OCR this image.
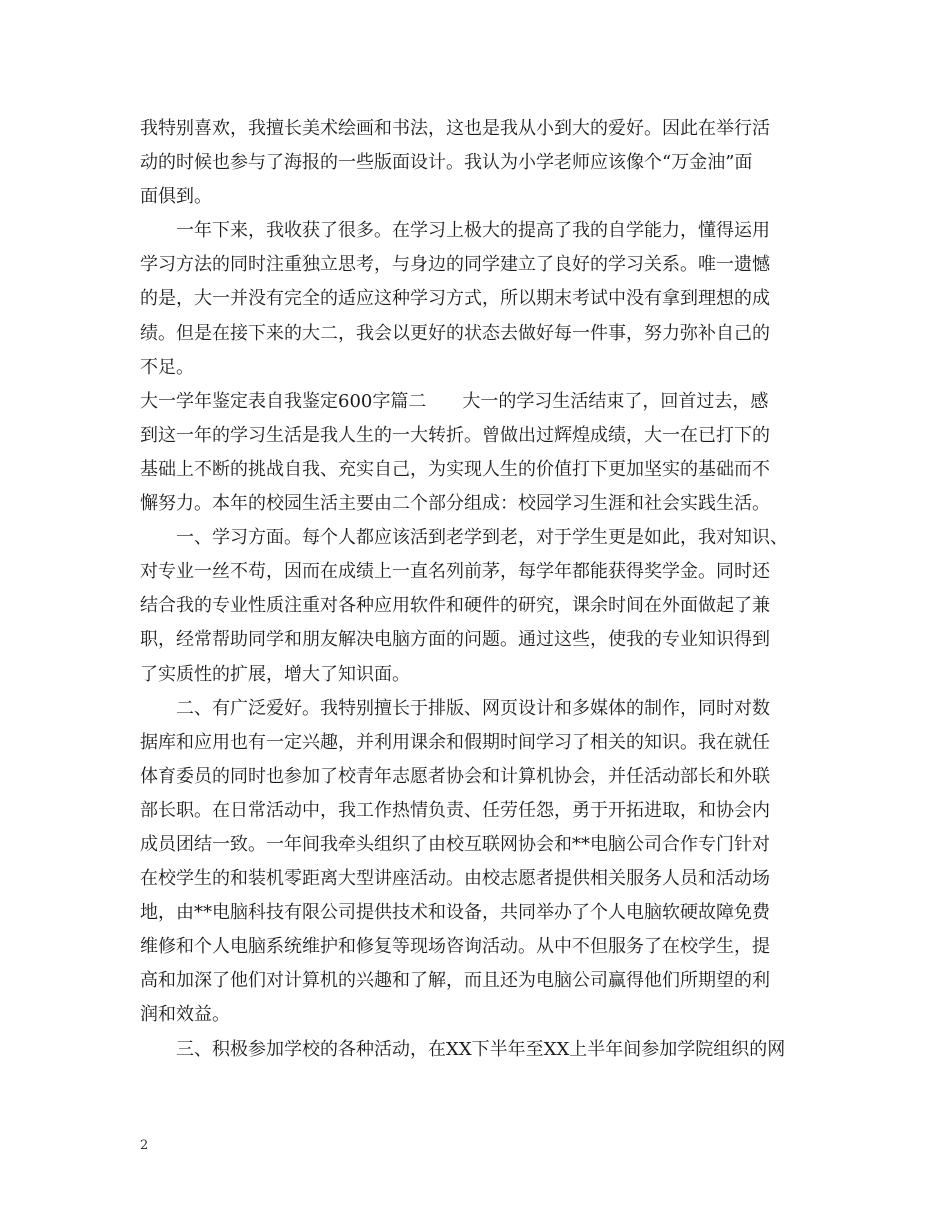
我特别喜欢，我擅长美术绘画和书法，这也是我从小到大的爱好。因此在举行活
动的时候也参与了海报的一些版面设计。我认为小学老师应该像个“万金油”面
面俱到。
　　一年下来，我收获了很多。在学习上极大的提高了我的自学能力，懂得运用
学习方法的同时注重独立思考，与身边的同学建立了良好的学习关系。唯一遗憾
的是，大一并没有完全的适应这种学习方式，所以期末考试中没有拿到理想的成
绩。但是在接下来的大二，我会以更好的状态去做好每一件事，努力弥补自己的
不足。
大一学年鉴定表自我鉴定600字篇二　　大一的学习生活结束了，回首过去，感
到这一年的学习生活是我人生的一大转折。曾做出过辉煌成绩，大一在已打下的
基础上不断的挑战自我、充实自己，为实现人生的价值打下更加坚实的基础而不
懈努力。本年的校园生活主要由二个部分组成：校园学习生涯和社会实践生活。
　　一、学习方面。每个人都应该活到老学到老，对于学生更是如此，我对知识、
对专业一丝不苟，因而在成绩上一直名列前茅，每学年都能获得奖学金。同时还
结合我的专业性质注重对各种应用软件和硬件的研究，课余时间在外面做起了兼
职，经常帮助同学和朋友解决电脑方面的问题。通过这些，使我的专业知识得到
了实质性的扩展，增大了知识面。
　　二、有广泛爱好。我特别擅长于排版、网页设计和多媒体的制作，同时对数
据库和应用也有一定兴趣，并利用课余和假期时间学习了相关的知识。我在就任
体育委员的同时也参加了校青年志愿者协会和计算机协会，并任活动部长和外联
部长职。在日常活动中，我工作热情负责、任劳任怨，勇于开拓进取，和协会内
成员团结一致。一年间我牵头组织了由校互联网协会和**电脑公司合作专门针对
在校学生的和装机零距离大型讲座活动。由校志愿者提供相关服务人员和活动场
地，由**电脑科技有限公司提供技术和设备，共同举办了个人电脑软硬故障免费
维修和个人电脑系统维护和修复等现场咨询活动。从中不但服务了在校学生，提
高和加深了他们对计算机的兴趣和了解，而且还为电脑公司赢得他们所期望的利
润和效益。
　　三、积极参加学校的各种活动，在XX下半年至XX上半年间参加学院组织的网
2
